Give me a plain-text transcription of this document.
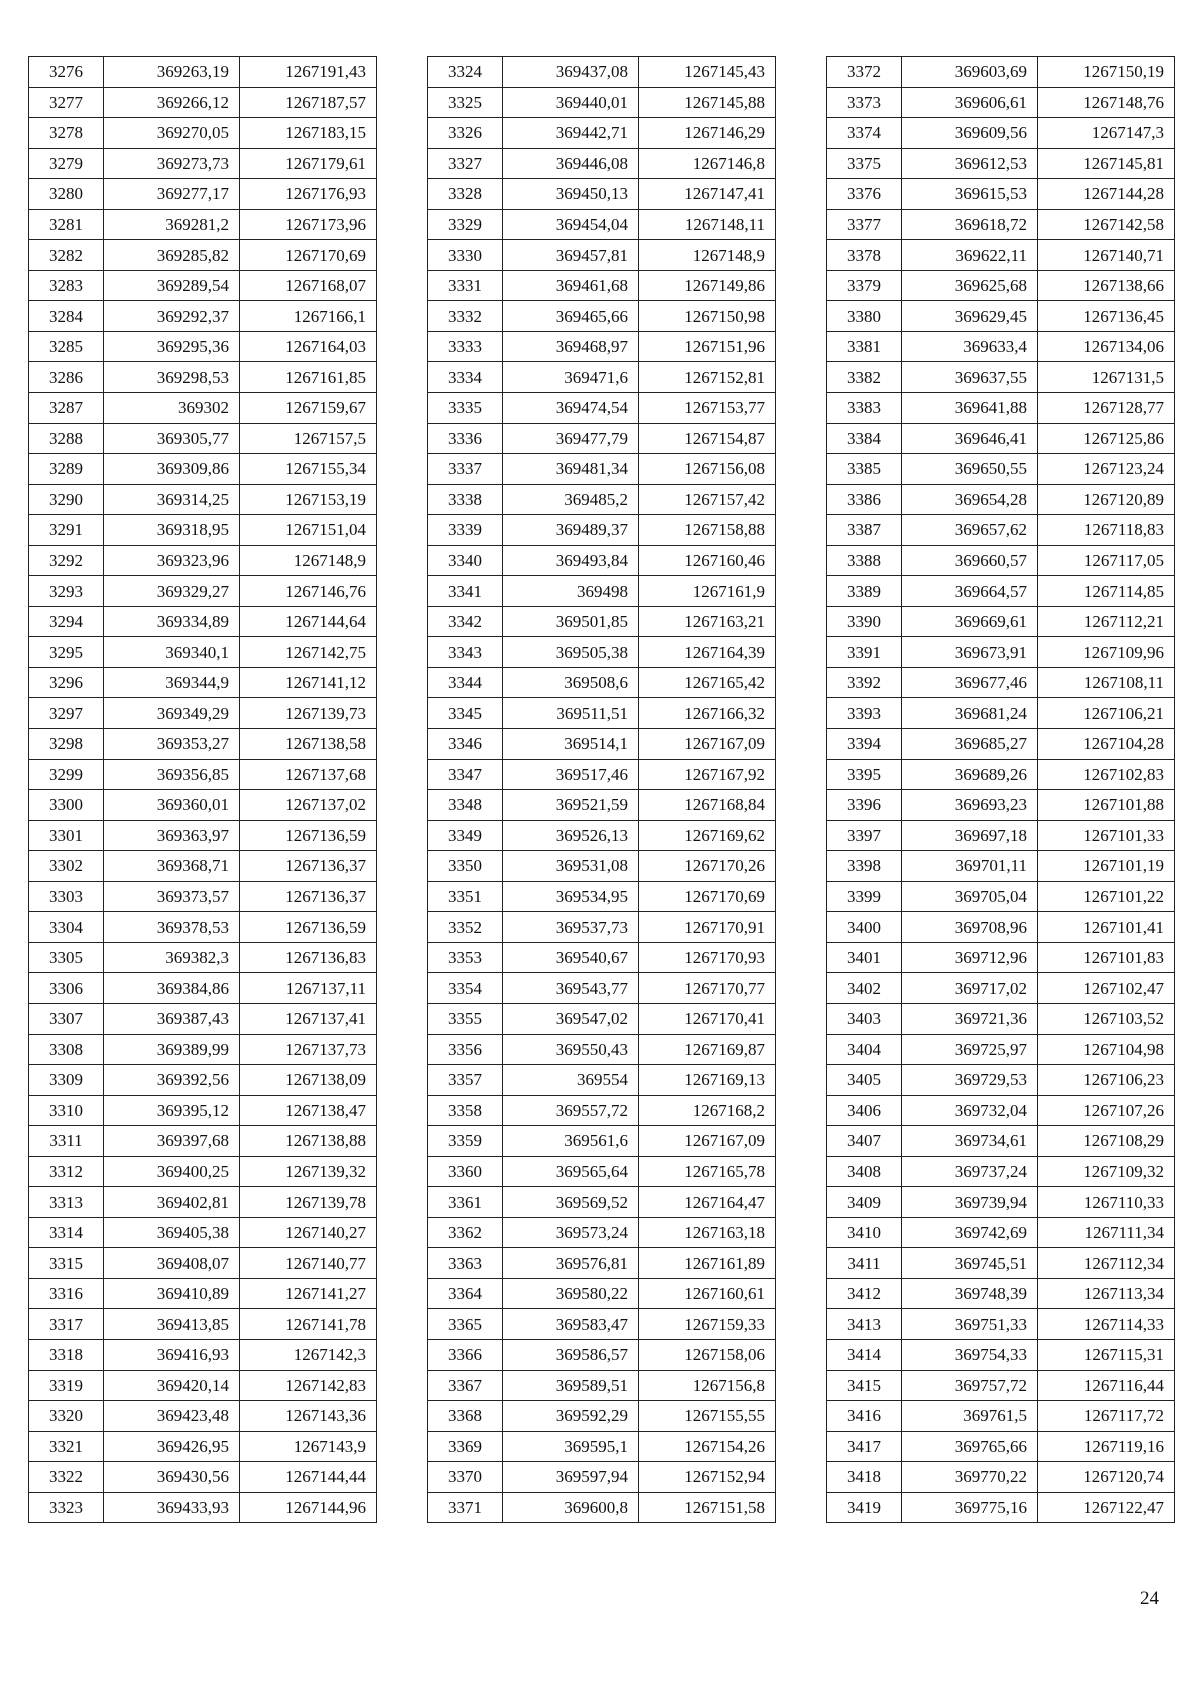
3276	369263,19	1267191,43
3277	369266,12	1267187,57
3278	369270,05	1267183,15
3279	369273,73	1267179,61
3280	369277,17	1267176,93
3281	369281,2	1267173,96
3282	369285,82	1267170,69
3283	369289,54	1267168,07
3284	369292,37	1267166,1
3285	369295,36	1267164,03
3286	369298,53	1267161,85
3287	369302	1267159,67
3288	369305,77	1267157,5
3289	369309,86	1267155,34
3290	369314,25	1267153,19
3291	369318,95	1267151,04
3292	369323,96	1267148,9
3293	369329,27	1267146,76
3294	369334,89	1267144,64
3295	369340,1	1267142,75
3296	369344,9	1267141,12
3297	369349,29	1267139,73
3298	369353,27	1267138,58
3299	369356,85	1267137,68
3300	369360,01	1267137,02
3301	369363,97	1267136,59
3302	369368,71	1267136,37
3303	369373,57	1267136,37
3304	369378,53	1267136,59
3305	369382,3	1267136,83
3306	369384,86	1267137,11
3307	369387,43	1267137,41
3308	369389,99	1267137,73
3309	369392,56	1267138,09
3310	369395,12	1267138,47
3311	369397,68	1267138,88
3312	369400,25	1267139,32
3313	369402,81	1267139,78
3314	369405,38	1267140,27
3315	369408,07	1267140,77
3316	369410,89	1267141,27
3317	369413,85	1267141,78
3318	369416,93	1267142,3
3319	369420,14	1267142,83
3320	369423,48	1267143,36
3321	369426,95	1267143,9
3322	369430,56	1267144,44
3323	369433,93	1267144,96
3324	369437,08	1267145,43
3325	369440,01	1267145,88
3326	369442,71	1267146,29
3327	369446,08	1267146,8
3328	369450,13	1267147,41
3329	369454,04	1267148,11
3330	369457,81	1267148,9
3331	369461,68	1267149,86
3332	369465,66	1267150,98
3333	369468,97	1267151,96
3334	369471,6	1267152,81
3335	369474,54	1267153,77
3336	369477,79	1267154,87
3337	369481,34	1267156,08
3338	369485,2	1267157,42
3339	369489,37	1267158,88
3340	369493,84	1267160,46
3341	369498	1267161,9
3342	369501,85	1267163,21
3343	369505,38	1267164,39
3344	369508,6	1267165,42
3345	369511,51	1267166,32
3346	369514,1	1267167,09
3347	369517,46	1267167,92
3348	369521,59	1267168,84
3349	369526,13	1267169,62
3350	369531,08	1267170,26
3351	369534,95	1267170,69
3352	369537,73	1267170,91
3353	369540,67	1267170,93
3354	369543,77	1267170,77
3355	369547,02	1267170,41
3356	369550,43	1267169,87
3357	369554	1267169,13
3358	369557,72	1267168,2
3359	369561,6	1267167,09
3360	369565,64	1267165,78
3361	369569,52	1267164,47
3362	369573,24	1267163,18
3363	369576,81	1267161,89
3364	369580,22	1267160,61
3365	369583,47	1267159,33
3366	369586,57	1267158,06
3367	369589,51	1267156,8
3368	369592,29	1267155,55
3369	369595,1	1267154,26
3370	369597,94	1267152,94
3371	369600,8	1267151,58
3372	369603,69	1267150,19
3373	369606,61	1267148,76
3374	369609,56	1267147,3
3375	369612,53	1267145,81
3376	369615,53	1267144,28
3377	369618,72	1267142,58
3378	369622,11	1267140,71
3379	369625,68	1267138,66
3380	369629,45	1267136,45
3381	369633,4	1267134,06
3382	369637,55	1267131,5
3383	369641,88	1267128,77
3384	369646,41	1267125,86
3385	369650,55	1267123,24
3386	369654,28	1267120,89
3387	369657,62	1267118,83
3388	369660,57	1267117,05
3389	369664,57	1267114,85
3390	369669,61	1267112,21
3391	369673,91	1267109,96
3392	369677,46	1267108,11
3393	369681,24	1267106,21
3394	369685,27	1267104,28
3395	369689,26	1267102,83
3396	369693,23	1267101,88
3397	369697,18	1267101,33
3398	369701,11	1267101,19
3399	369705,04	1267101,22
3400	369708,96	1267101,41
3401	369712,96	1267101,83
3402	369717,02	1267102,47
3403	369721,36	1267103,52
3404	369725,97	1267104,98
3405	369729,53	1267106,23
3406	369732,04	1267107,26
3407	369734,61	1267108,29
3408	369737,24	1267109,32
3409	369739,94	1267110,33
3410	369742,69	1267111,34
3411	369745,51	1267112,34
3412	369748,39	1267113,34
3413	369751,33	1267114,33
3414	369754,33	1267115,31
3415	369757,72	1267116,44
3416	369761,5	1267117,72
3417	369765,66	1267119,16
3418	369770,22	1267120,74
3419	369775,16	1267122,47
24
